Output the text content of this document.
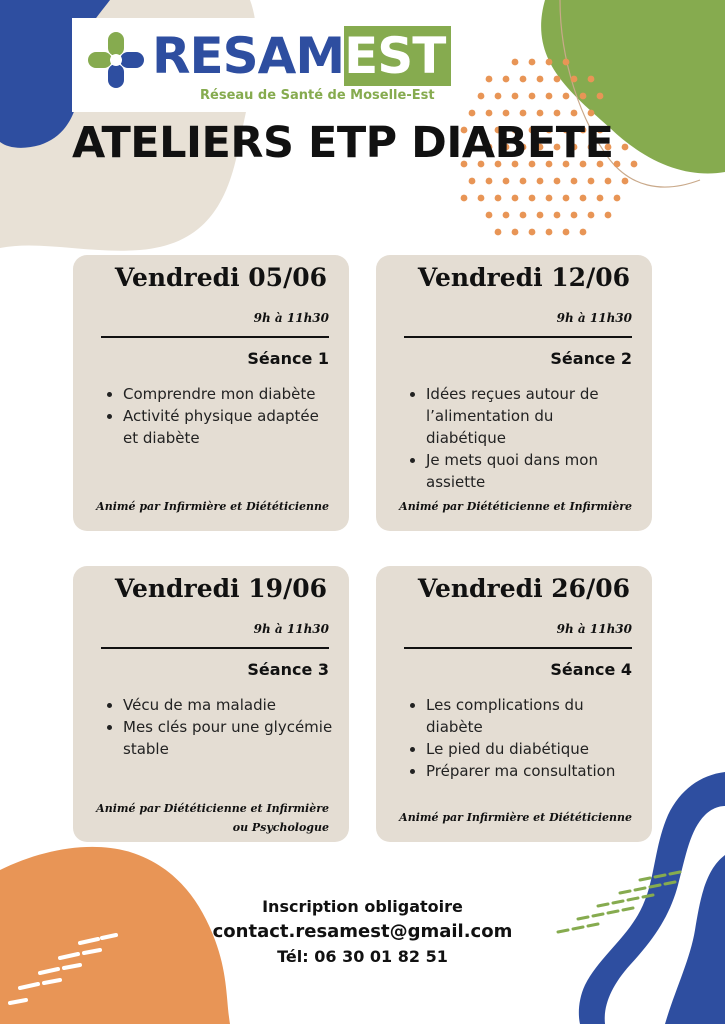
RESAM EST
Réseau de Santé de Moselle-Est
ATELIERS ETP DIABETE
Vendredi 05/06
9h à 11h30
Séance 1
• Comprendre mon diabète
• Activité physique adaptée et diabète
Animé par Infirmière et Diététicienne
Vendredi 12/06
9h à 11h30
Séance 2
• Idées reçues autour de l’alimentation du diabétique
• Je mets quoi dans mon assiette
Animé par Diététicienne et Infirmière
Vendredi 19/06
9h à 11h30
Séance 3
• Vécu de ma maladie
• Mes clés pour une glycémie stable
Animé par Diététicienne et Infirmière
ou Psychologue
Vendredi 26/06
9h à 11h30
Séance 4
• Les complications du diabète
• Le pied du diabétique
• Préparer ma consultation
Animé par Infirmière et Diététicienne
Inscription obligatoire
contact.resamest@gmail.com
Tél: 06 30 01 82 51
